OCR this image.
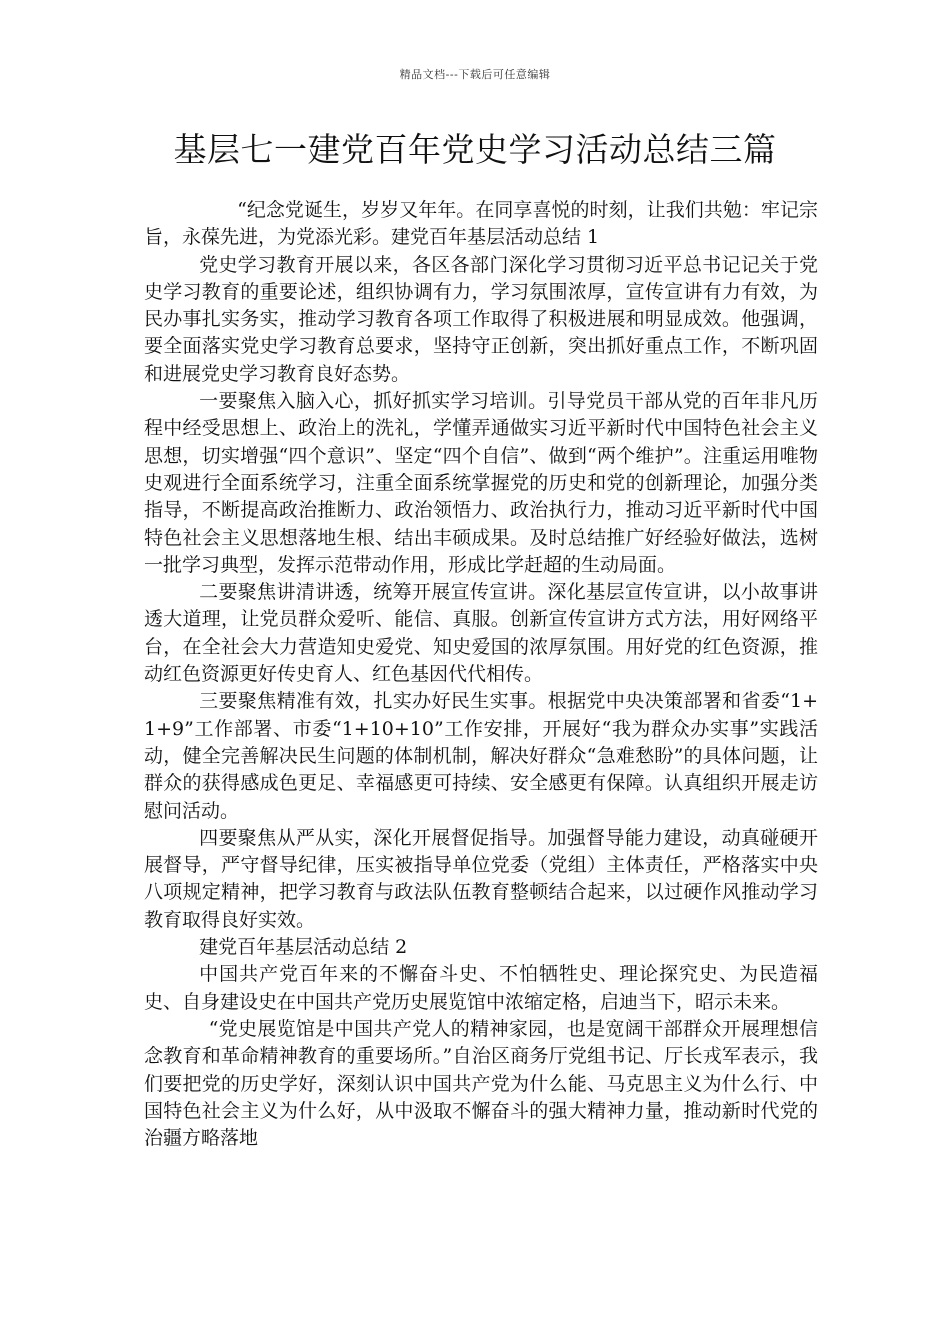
精品文档---下载后可任意编辑
基层七一建党百年党史学习活动总结三篇

“纪念党诞生，岁岁又年年。在同享喜悦的时刻，让我们共勉：牢记宗旨，永葆先进，为党添光彩。建党百年基层活动总结 1

党史学习教育开展以来，各区各部门深化学习贯彻习近平总书记记关于党史学习教育的重要论述，组织协调有力，学习氛围浓厚，宣传宣讲有力有效，为民办事扎实务实，推动学习教育各项工作取得了积极进展和明显成效。他强调，要全面落实党史学习教育总要求，坚持守正创新，突出抓好重点工作，不断巩固和进展党史学习教育良好态势。

一要聚焦入脑入心，抓好抓实学习培训。引导党员干部从党的百年非凡历程中经受思想上、政治上的洗礼，学懂弄通做实习近平新时代中国特色社会主义思想，切实增强“四个意识”、坚定“四个自信”、做到“两个维护”。注重运用唯物史观进行全面系统学习，注重全面系统掌握党的历史和党的创新理论，加强分类指导，不断提高政治推断力、政治领悟力、政治执行力，推动习近平新时代中国特色社会主义思想落地生根、结出丰硕成果。及时总结推广好经验好做法，选树一批学习典型，发挥示范带动作用，形成比学赶超的生动局面。

二要聚焦讲清讲透，统筹开展宣传宣讲。深化基层宣传宣讲，以小故事讲透大道理，让党员群众爱听、能信、真服。创新宣传宣讲方式方法，用好网络平台，在全社会大力营造知史爱党、知史爱国的浓厚氛围。用好党的红色资源，推动红色资源更好传史育人、红色基因代代相传。

三要聚焦精准有效，扎实办好民生实事。根据党中央决策部署和省委“1+1+9”工作部署、市委“1+10+10”工作安排，开展好“我为群众办实事”实践活动，健全完善解决民生问题的体制机制，解决好群众“急难愁盼”的具体问题，让群众的获得感成色更足、幸福感更可持续、安全感更有保障。认真组织开展走访慰问活动。

四要聚焦从严从实，深化开展督促指导。加强督导能力建设，动真碰硬开展督导，严守督导纪律，压实被指导单位党委（党组）主体责任，严格落实中央八项规定精神，把学习教育与政法队伍教育整顿结合起来，以过硬作风推动学习教育取得良好实效。

建党百年基层活动总结 2

中国共产党百年来的不懈奋斗史、不怕牺牲史、理论探究史、为民造福史、自身建设史在中国共产党历史展览馆中浓缩定格，启迪当下，昭示未来。

“党史展览馆是中国共产党人的精神家园，也是宽阔干部群众开展理想信念教育和革命精神教育的重要场所。”自治区商务厅党组书记、厅长戎军表示，我们要把党的历史学好，深刻认识中国共产党为什么能、马克思主义为什么行、中国特色社会主义为什么好，从中汲取不懈奋斗的强大精神力量，推动新时代党的治疆方略落地
